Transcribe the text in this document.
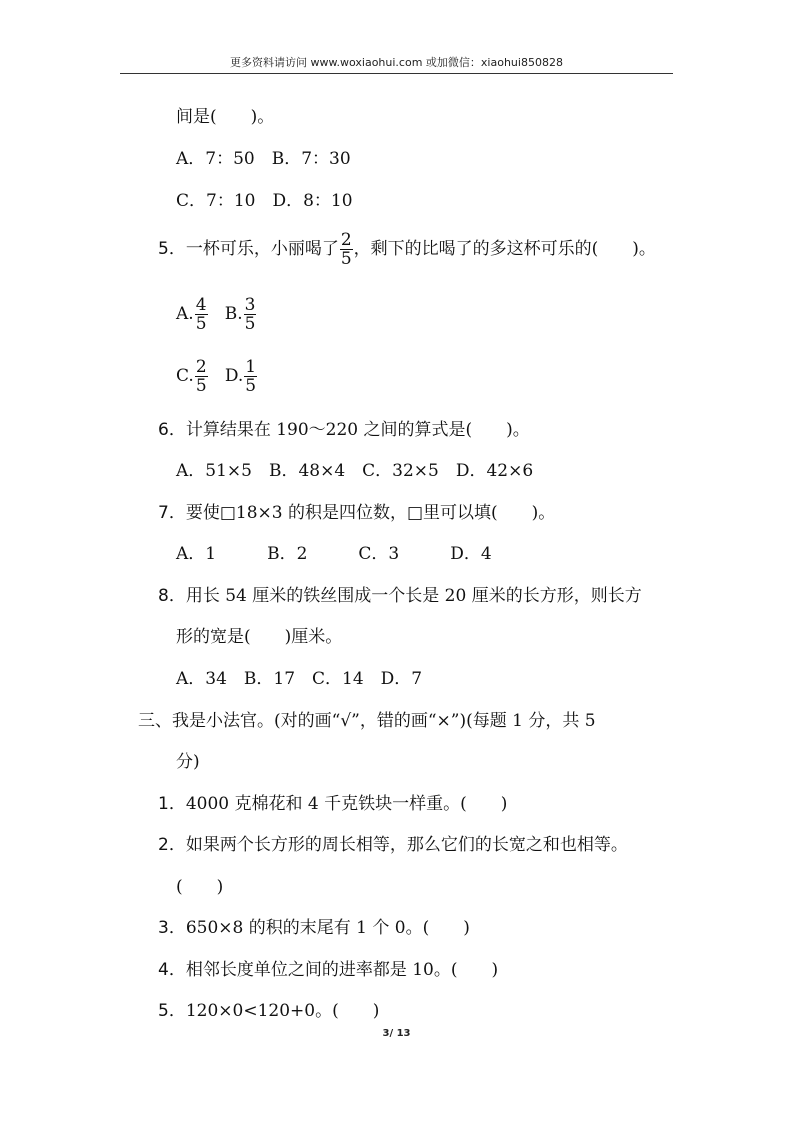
更多资料请访问 www.woxiaohui.com 或加微信：xiaohui850828
间是(　　)。
A．7：50　B．7：30
C．7：10　D．8：10
5．一杯可乐，小丽喝了 $\frac{2}{5}$ ，剩下的比喝了的多这杯可乐的(　　)。
A. $\frac{4}{5} B$. $\frac{3}{5}$
C. $\frac{2}{5} D$. $\frac{1}{5}$
6．计算结果在 190～220 之间的算式是(　　)。
A．51×5　B．48×4　C．32×5　D．42×6
7．要使□18×3 的积是四位数，□里可以填(　　)。
A．1　　　B．2　　　C．3　　　D．4
8．用长 54 厘米的铁丝围成一个长是 20 厘米的长方形，则长方
形的宽是(　　)厘米。
A．34　B．17　C．14　D．7
三、我是小法官。(对的画“√”，错的画“×”)(每题 1 分，共 5
分)
1．4000 克棉花和 4 千克铁块一样重。(　　)
2．如果两个长方形的周长相等，那么它们的长宽之和也相等。
(　　)
3．650×8 的积的末尾有 1 个 0。(　　)
4．相邻长度单位之间的进率都是 10。(　　)
5．120×0<120+0。(　　)
3/ 13
